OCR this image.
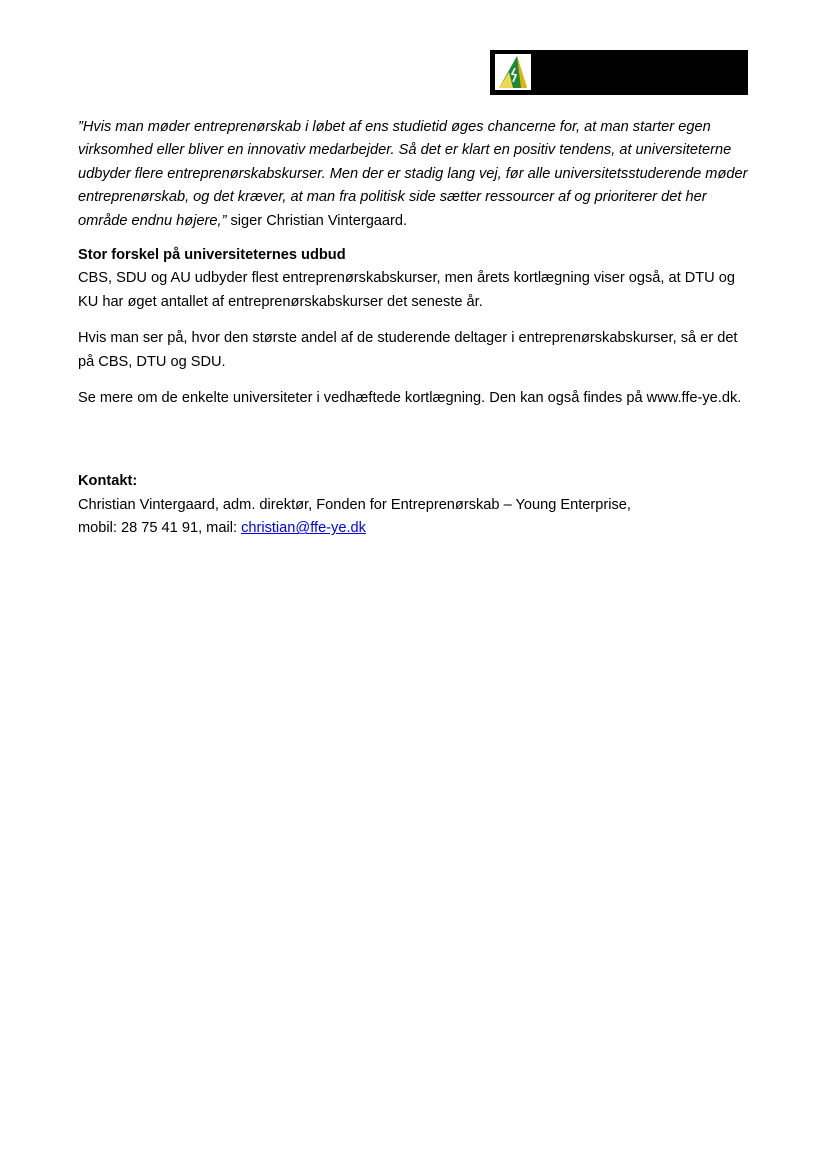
”Hvis man møder entreprenørskab i løbet af ens studietid øges chancerne for, at man starter egen virksomhed eller bliver en innovativ medarbejder. Så det er klart en positiv tendens, at universiteterne udbyder flere entreprenørskabskurser. Men der er stadig lang vej, før alle universitetsstuderende møder entreprenørskab, og det kræver, at man fra politisk side sætter ressourcer af og prioriterer det her område endnu højere,” siger Christian Vintergaard.

Stor forskel på universiteternes udbud
CBS, SDU og AU udbyder flest entreprenørskabskurser, men årets kortlægning viser også, at DTU og KU har øget antallet af entreprenørskabskurser det seneste år.

Hvis man ser på, hvor den største andel af de studerende deltager i entreprenørskabskurser, så er det på CBS, DTU og SDU.

Se mere om de enkelte universiteter i vedhæftede kortlægning. Den kan også findes på www.ffe-ye.dk.

Kontakt:
Christian Vintergaard, adm. direktør, Fonden for Entreprenørskab – Young Enterprise,
mobil: 28 75 41 91, mail: christian@ffe-ye.dk
